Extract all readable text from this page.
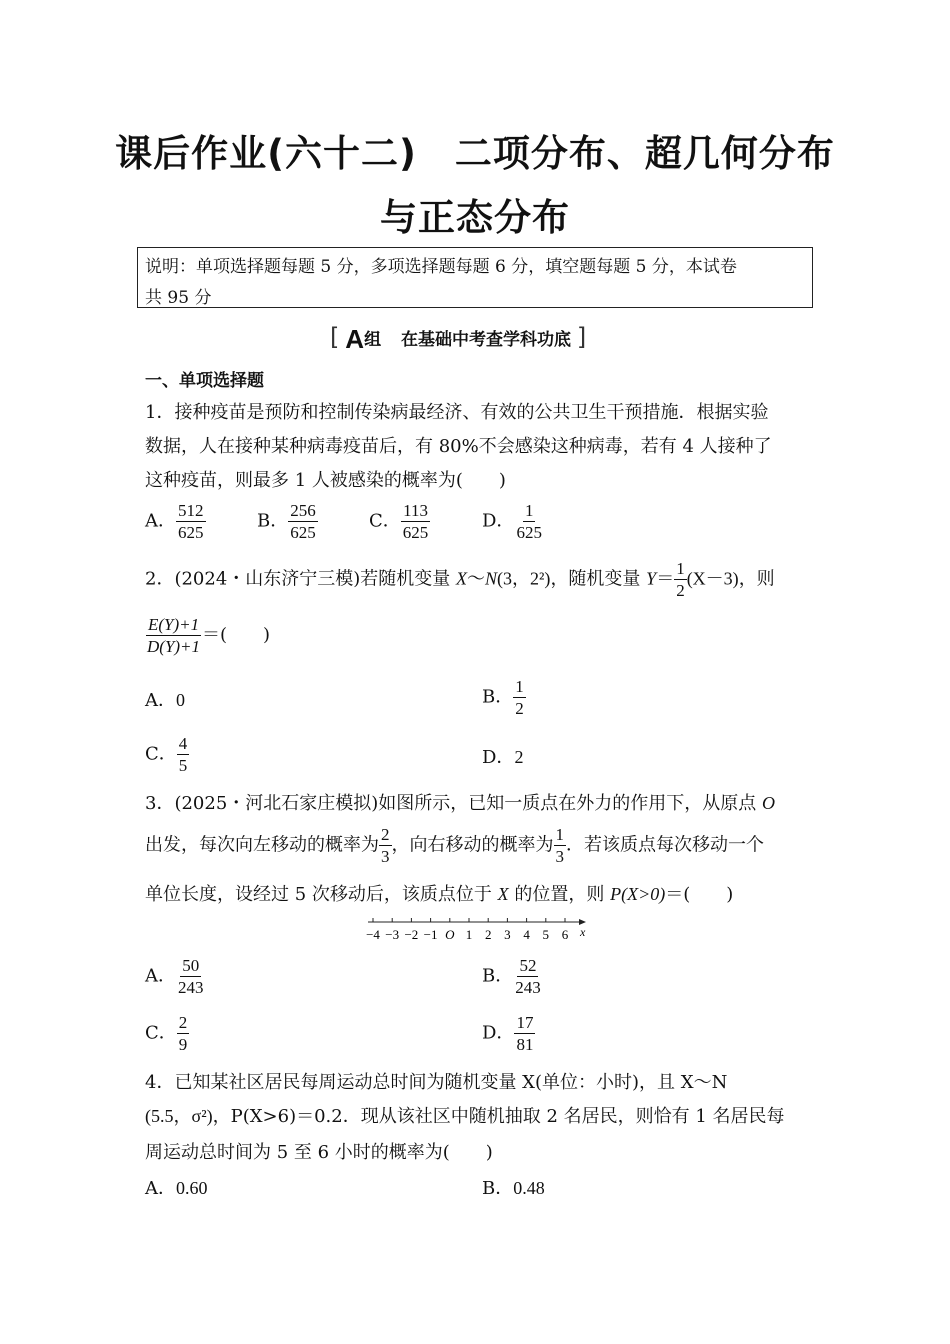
课后作业(六十二)　二项分布、超几何分布
与正态分布
说明：单项选择题每题 5 分，多项选择题每题 6 分，填空题每题 5 分，本试卷
共 95 分
[ A组 在基础中考查学科功底 ]
一、单项选择题
1．接种疫苗是预防和控制传染病最经济、有效的公共卫生干预措施．根据实验
数据，人在接种某种病毒疫苗后，有 80%不会感染这种病毒，若有 4 人接种了
这种疫苗，则最多 1 人被感染的概率为(　　)
A． $\frac{512}{625}$	B． $\frac{256}{625}$	C． $\frac{113}{625}$	D． $\frac{1}{625}$
2．(2024・山东济宁三模)若随机变量 X～N(3，2²)，随机变量 $Y= \frac{1}{2} (X-3)$，则
$\frac{E(Y)+1}{D(Y)+1}$ ＝(　　)
A．0	B． $\frac{1}{2}$
C． $\frac{4}{5}$	D．2
3．(2025・河北石家庄模拟)如图所示，已知一质点在外力的作用下，从原点 O
出发，每次向左移动的概率为 $\frac{2}{3}$ ，向右移动的概率为 $\frac{1}{3}$ ．若该质点每次移动一个
单位长度，设经过 5 次移动后，该质点位于 X 的位置，则 P(X>0)＝(　　)
−4 −3 −2 −1 O 1 2 3 4 5 6 x
A． $\frac{50}{243}$	B． $\frac{52}{243}$
C． $\frac{2}{9}$	D． $\frac{17}{81}$
4．已知某社区居民每周运动总时间为随机变量 X(单位：小时)，且 X～N
(5.5，σ²)，P(X>6)＝0.2．现从该社区中随机抽取 2 名居民，则恰有 1 名居民每
周运动总时间为 5 至 6 小时的概率为(　　)
A．0.60	B．0.48
